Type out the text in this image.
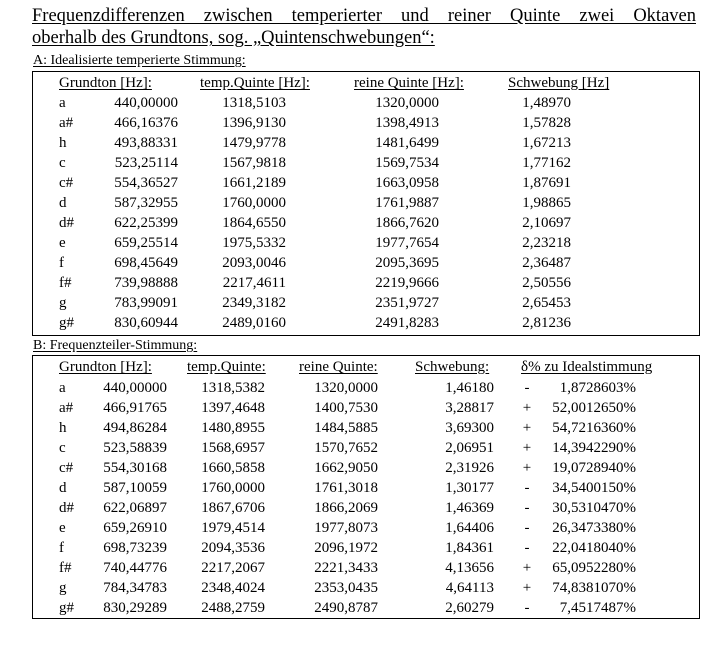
Frequenzdifferenzen zwischen temperierter und reiner Quinte zwei Oktaven
oberhalb des Grundtons, sog. „Quintenschwebungen“:
A: Idealisierte temperierte Stimmung:
Grundton [Hz]:	temp.Quinte [Hz]:	reine Quinte [Hz]:	Schwebung [Hz]
a	440,00000	1318,5103	1320,0000	1,48970
a#	466,16376	1396,9130	1398,4913	1,57828
h	493,88331	1479,9778	1481,6499	1,67213
c	523,25114	1567,9818	1569,7534	1,77162
c#	554,36527	1661,2189	1663,0958	1,87691
d	587,32955	1760,0000	1761,9887	1,98865
d#	622,25399	1864,6550	1866,7620	2,10697
e	659,25514	1975,5332	1977,7654	2,23218
f	698,45649	2093,0046	2095,3695	2,36487
f#	739,98888	2217,4611	2219,9666	2,50556
g	783,99091	2349,3182	2351,9727	2,65453
g#	830,60944	2489,0160	2491,8283	2,81236
B: Frequenzteiler-Stimmung:
Grundton [Hz]: temp.Quinte: reine Quinte: Schwebung: δ% zu Idealstimmung
a	440,00000	1318,5382	1320,0000	1,46180	-	1,8728603%
a#	466,91765	1397,4648	1400,7530	3,28817 +	52,0012650%
h	494,86284	1480,8955	1484,5885	3,69300 +	54,7216360%
c	523,58839	1568,6957	1570,7652	2,06951 +	14,3942290%
c#	554,30168	1660,5858	1662,9050	2,31926 +	19,0728940%
d	587,10059	1760,0000	1761,3018	1,30177	-	34,5400150%
d#	622,06897	1867,6706	1866,2069	1,46369	-	30,5310470%
e	659,26910	1979,4514	1977,8073	1,64406	-	26,3473380%
f	698,73239	2094,3536	2096,1972	1,84361	-	22,0418040%
f#	740,44776	2217,2067	2221,3433	4,13656 +	65,0952280%
g	784,34783	2348,4024	2353,0435	4,64113 +	74,8381070%
g#	830,29289	2488,2759	2490,8787	2,60279	-	7,4517487%
